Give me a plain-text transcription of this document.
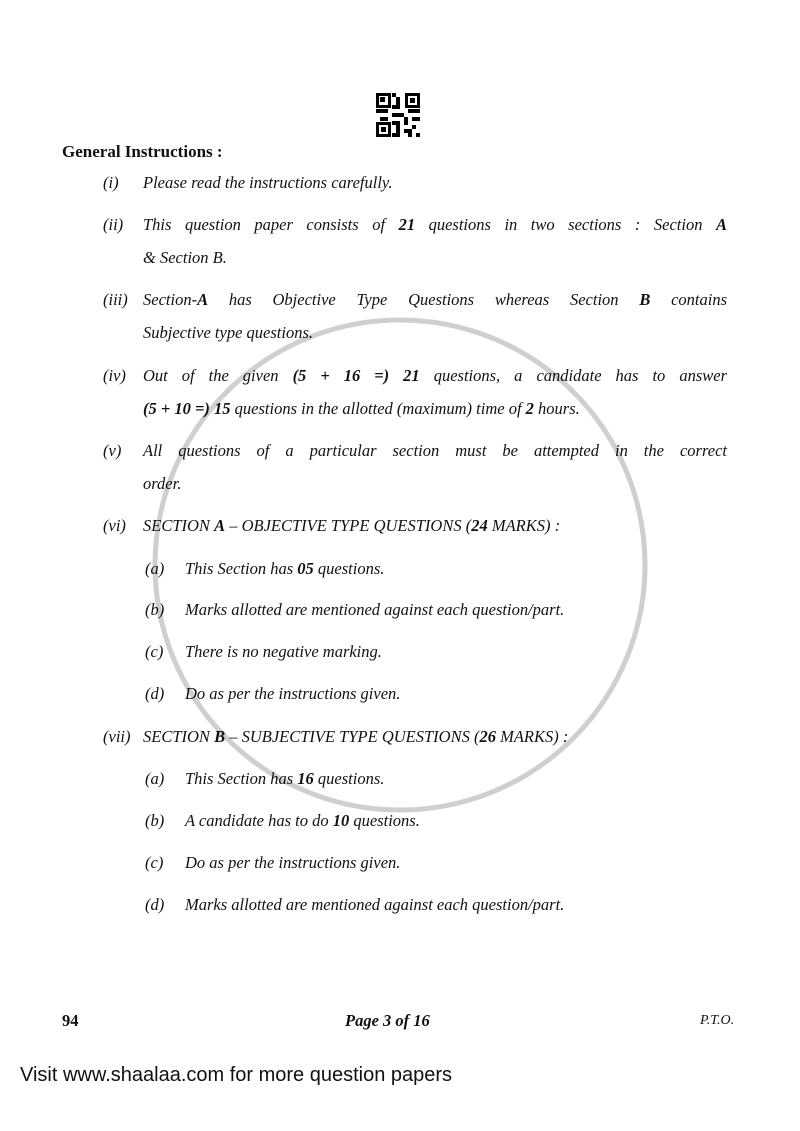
General Instructions :
(i) Please read the instructions carefully.
(ii) This question paper consists of 21 questions in two sections : Section A
& Section B.
(iii) Section-A has Objective Type Questions whereas Section B contains
Subjective type questions.
(iv) Out of the given (5 + 16 =) 21 questions, a candidate has to answer
(5 + 10 =) 15 questions in the allotted (maximum) time of 2 hours.
(v) All questions of a particular section must be attempted in the correct
order.
(vi) SECTION A – OBJECTIVE TYPE QUESTIONS (24 MARKS) :
(a) This Section has 05 questions.
(b) Marks allotted are mentioned against each question/part.
(c) There is no negative marking.
(d) Do as per the instructions given.
(vii) SECTION B – SUBJECTIVE TYPE QUESTIONS (26 MARKS) :
(a) This Section has 16 questions.
(b) A candidate has to do 10 questions.
(c) Do as per the instructions given.
(d) Marks allotted are mentioned against each question/part.
94	Page 3 of 16	P.T.O.
Visit www.shaalaa.com for more question papers
